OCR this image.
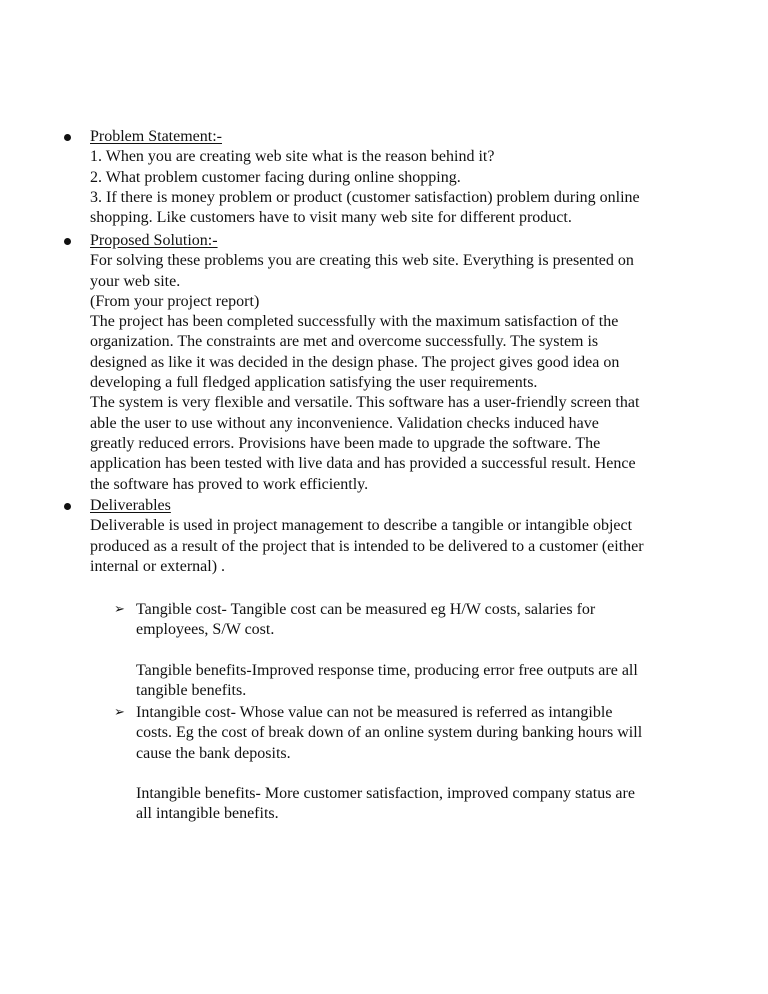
Problem Statement:-
1. When you are creating web site what is the reason behind it?
2. What problem customer facing during online shopping.
3. If there is money problem or product (customer satisfaction) problem during online
shopping. Like customers have to visit many web site for different product.
Proposed Solution:-
For solving these problems you are creating this web site. Everything is presented on
your web site.
(From your project report)
The project has been completed successfully with the maximum satisfaction of the
organization. The constraints are met and overcome successfully. The system is
designed as like it was decided in the design phase. The project gives good idea on
developing a full fledged application satisfying the user requirements.
The system is very flexible and versatile. This software has a user-friendly screen that
able the user to use without any inconvenience. Validation checks induced have
greatly reduced errors. Provisions have been made to upgrade the software. The
application has been tested with live data and has provided a successful result. Hence
the software has proved to work efficiently.
Deliverables
Deliverable is used in project management to describe a tangible or intangible object
produced as a result of the project that is intended to be delivered to a customer (either
internal or external) .
➢ Tangible cost- Tangible cost can be measured eg H/W costs, salaries for
employees, S/W cost.
Tangible benefits-Improved response time, producing error free outputs are all
tangible benefits.
➢ Intangible cost- Whose value can not be measured is referred as intangible
costs. Eg the cost of break down of an online system during banking hours will
cause the bank deposits.
Intangible benefits- More customer satisfaction, improved company status are
all intangible benefits.
